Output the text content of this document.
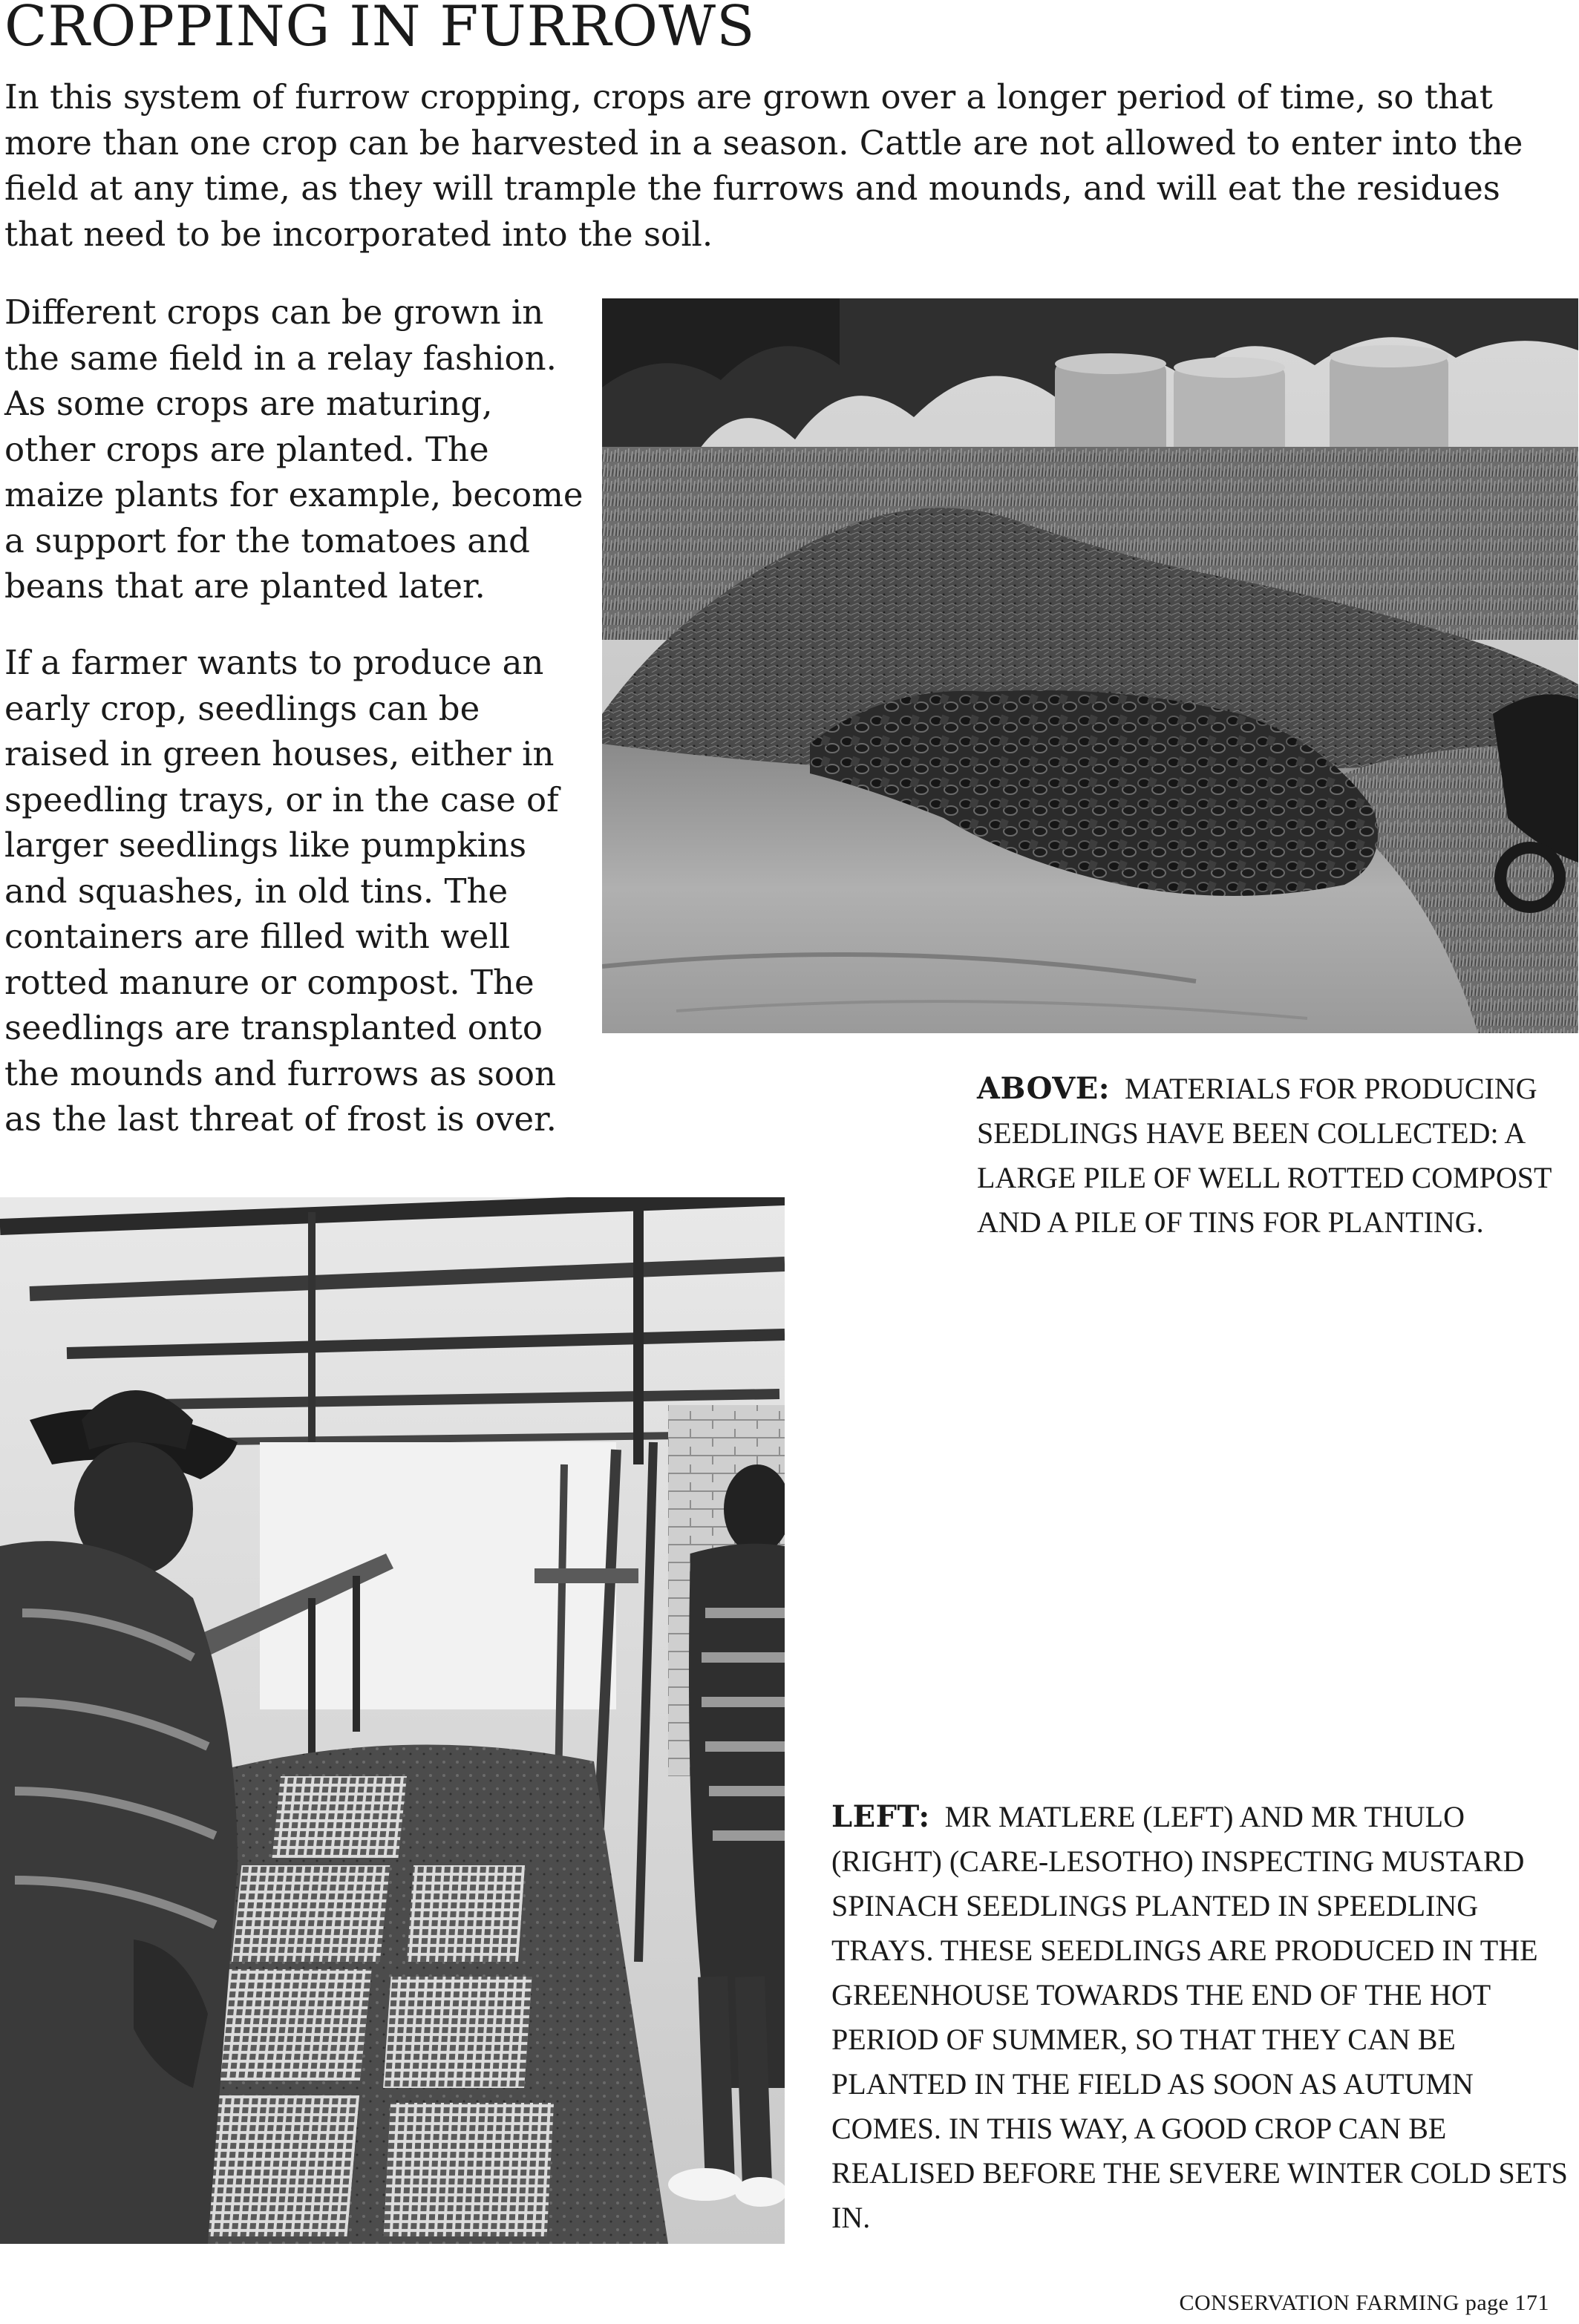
CROPPING IN FURROWS

In this system of furrow cropping, crops are grown over a longer period of time, so that more than one crop can be harvested in a season. Cattle are not allowed to enter into the field at any time, as they will trample the furrows and mounds, and will eat the residues that need to be incorporated into the soil.

Different crops can be grown in the same field in a relay fashion. As some crops are maturing, other crops are planted. The maize plants for example, become a support for the tomatoes and beans that are planted later.

If a farmer wants to produce an early crop, seedlings can be raised in green houses, either in speedling trays, or in the case of larger seedlings like pumpkins and squashes, in old tins. The containers are filled with well rotted manure or compost. The seedlings are transplanted onto the mounds and furrows as soon as the last threat of frost is over.

ABOVE: MATERIALS FOR PRODUCING SEEDLINGS HAVE BEEN COLLECTED: A LARGE PILE OF WELL ROTTED COMPOST AND A PILE OF TINS FOR PLANTING.

LEFT: MR MATLERE (LEFT) AND MR THULO (RIGHT) (CARE-LESOTHO) INSPECTING MUSTARD SPINACH SEEDLINGS PLANTED IN SPEEDLING TRAYS. THESE SEEDLINGS ARE PRODUCED IN THE GREENHOUSE TOWARDS THE END OF THE HOT PERIOD OF SUMMER, SO THAT THEY CAN BE PLANTED IN THE FIELD AS SOON AS AUTUMN COMES. IN THIS WAY, A GOOD CROP CAN BE REALISED BEFORE THE SEVERE WINTER COLD SETS IN.

CONSERVATION FARMING page 171
